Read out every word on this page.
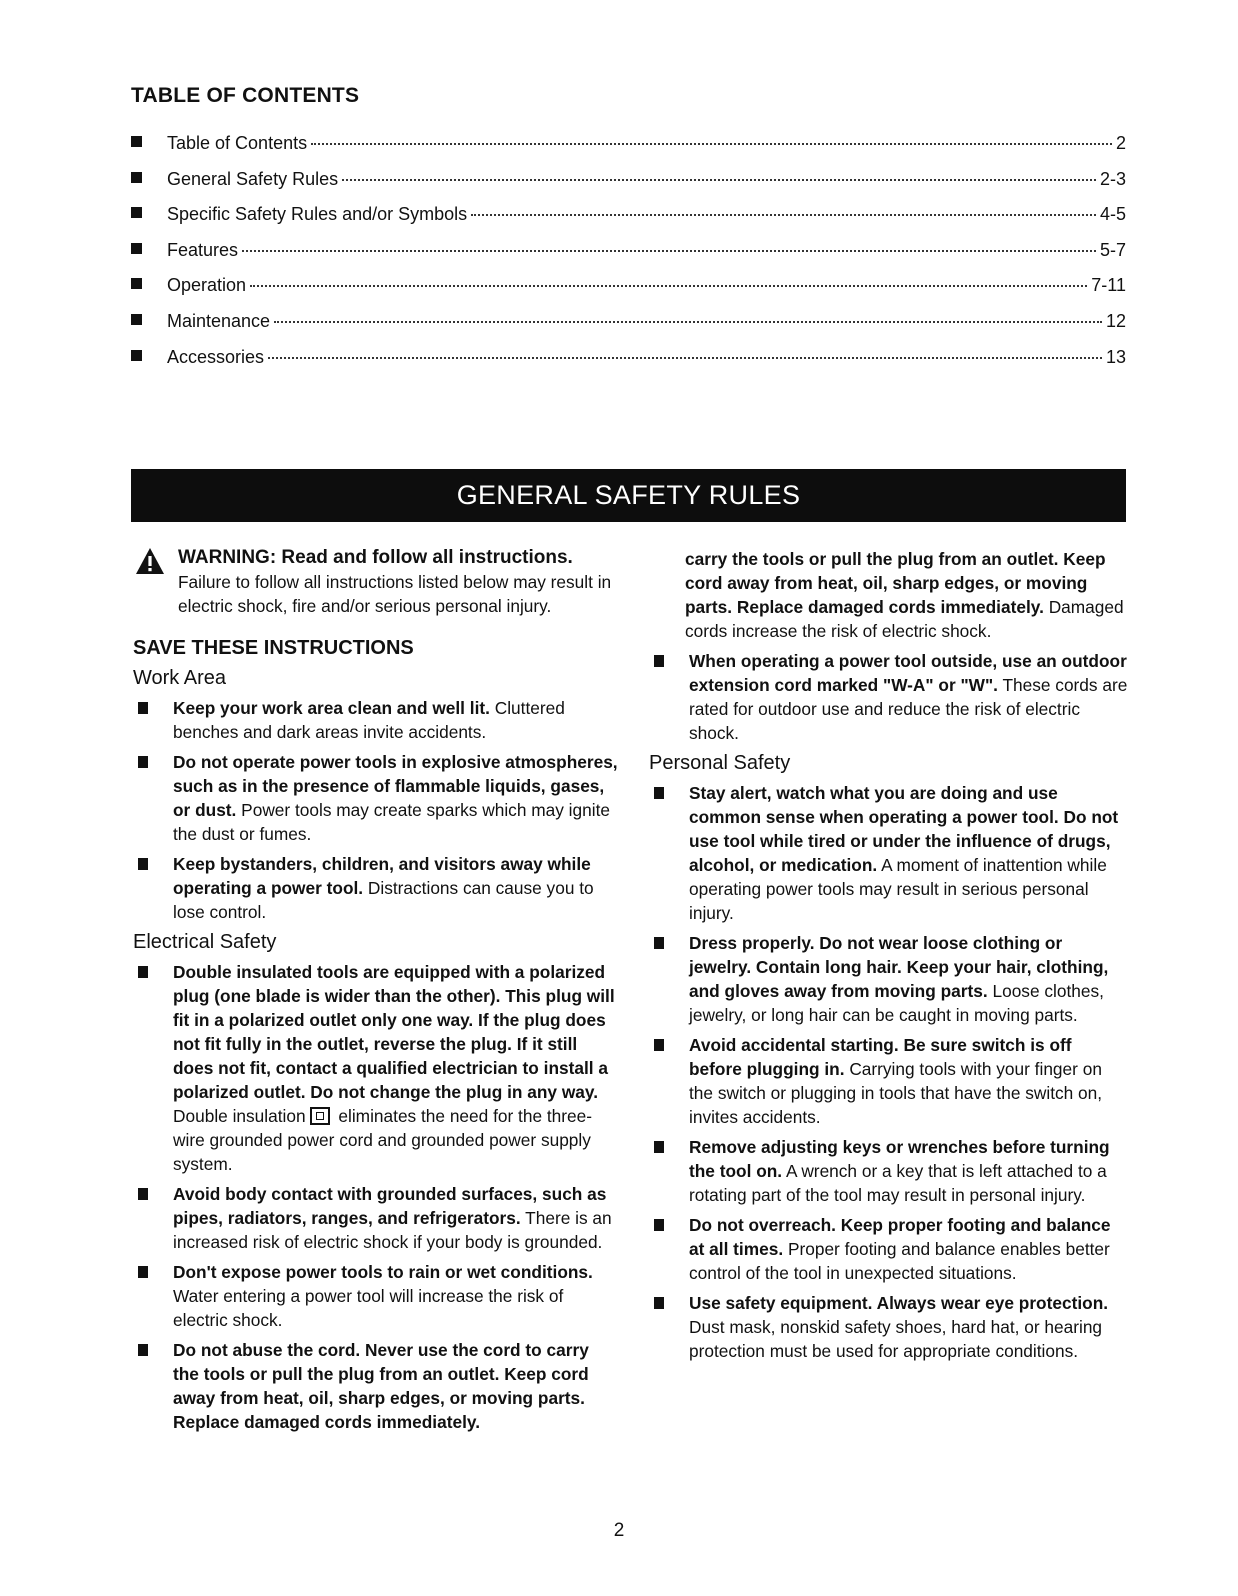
TABLE OF CONTENTS
Table of Contents	2
General Safety Rules	2-3
Specific Safety Rules and/or Symbols	4-5
Features	5-7
Operation	7-11
Maintenance	12
Accessories	13
GENERAL SAFETY RULES
WARNING: Read and follow all instructions. Failure to follow all instructions listed below may result in electric shock, fire and/or serious personal injury.
SAVE THESE INSTRUCTIONS
Work Area
Keep your work area clean and well lit. Cluttered benches and dark areas invite accidents.
Do not operate power tools in explosive atmospheres, such as in the presence of flammable liquids, gases, or dust. Power tools may create sparks which may ignite the dust or fumes.
Keep bystanders, children, and visitors away while operating a power tool. Distractions can cause you to lose control.
Electrical Safety
Double insulated tools are equipped with a polarized plug (one blade is wider than the other). This plug will fit in a polarized outlet only one way. If the plug does not fit fully in the outlet, reverse the plug. If it still does not fit, contact a qualified electrician to install a polarized outlet. Do not change the plug in any way. Double insulation eliminates the need for the three-wire grounded power cord and grounded power supply system.
Avoid body contact with grounded surfaces, such as pipes, radiators, ranges, and refrigerators. There is an increased risk of electric shock if your body is grounded.
Don't expose power tools to rain or wet conditions. Water entering a power tool will increase the risk of electric shock.
Do not abuse the cord. Never use the cord to carry the tools or pull the plug from an outlet. Keep cord away from heat, oil, sharp edges, or moving parts. Replace damaged cords immediately.
carry the tools or pull the plug from an outlet. Keep cord away from heat, oil, sharp edges, or moving parts. Replace damaged cords immediately. Damaged cords increase the risk of electric shock.
When operating a power tool outside, use an outdoor extension cord marked "W-A" or "W". These cords are rated for outdoor use and reduce the risk of electric shock.
Personal Safety
Stay alert, watch what you are doing and use common sense when operating a power tool. Do not use tool while tired or under the influence of drugs, alcohol, or medication. A moment of inattention while operating power tools may result in serious personal injury.
Dress properly. Do not wear loose clothing or jewelry. Contain long hair. Keep your hair, clothing, and gloves away from moving parts. Loose clothes, jewelry, or long hair can be caught in moving parts.
Avoid accidental starting. Be sure switch is off before plugging in. Carrying tools with your finger on the switch or plugging in tools that have the switch on, invites accidents.
Remove adjusting keys or wrenches before turning the tool on. A wrench or a key that is left attached to a rotating part of the tool may result in personal injury.
Do not overreach. Keep proper footing and balance at all times. Proper footing and balance enables better control of the tool in unexpected situations.
Use safety equipment. Always wear eye protection. Dust mask, nonskid safety shoes, hard hat, or hearing protection must be used for appropriate conditions.
2
